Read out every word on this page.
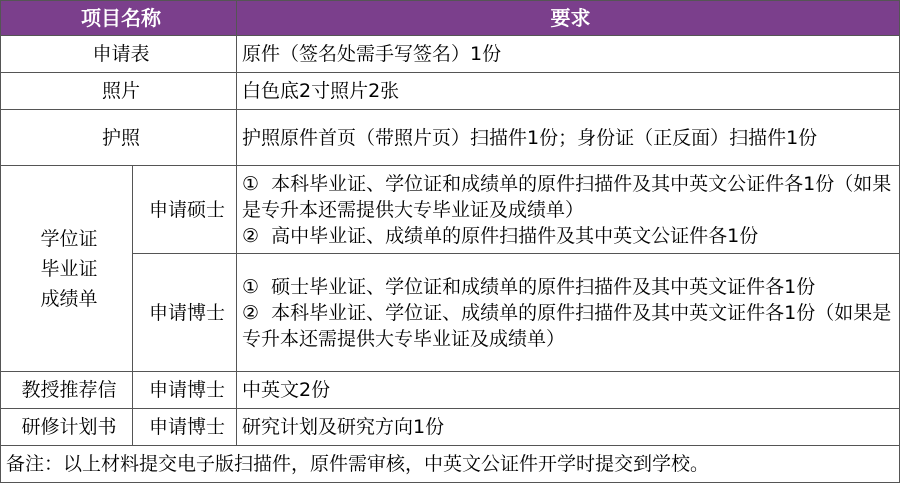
项目名称		要求
申请表		原件（签名处需手写签名）1份
照片		白色底2寸照片2张
护照		护照原件首页（带照片页）扫描件1份；身份证（正反面）扫描件1份

学位证
毕业证
成绩单	申请硕士	①  本科毕业证、学位证和成绩单的原件扫描件及其中英文公证件各1份（如果是专升本还需提供大专毕业证及成绩单）
②  高中毕业证、成绩单的原件扫描件及其中英文公证件各1份

	申请博士	①  硕士毕业证、学位证和成绩单的原件扫描件及其中英文证件各1份
②  本科毕业证、学位证、成绩单的原件扫描件及其中英文证件各1份（如果是专升本还需提供大专毕业证及成绩单）

教授推荐信	申请博士	中英文2份
研修计划书	申请博士	研究计划及研究方向1份
备注：以上材料提交电子版扫描件，原件需审核，中英文公证件开学时提交到学校。		
